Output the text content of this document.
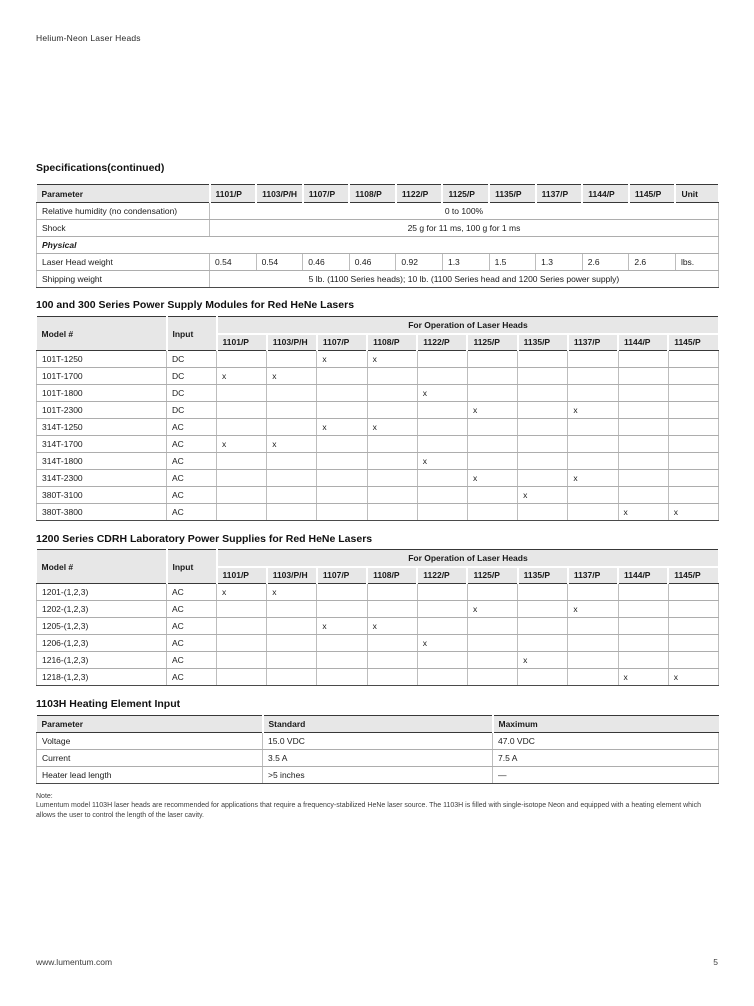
Helium-Neon Laser Heads
Specifications(continued)
Parameter	1101/P	1103/P/H	1107/P	1108/P	1122/P	1125/P	1135/P	1137/P	1144/P	1145/P	Unit
Relative humidity (no condensation)	0 to 100%										
Shock	25 g for 11 ms, 100 g for 1 ms										
Physical											
Laser Head weight	0.54	0.54	0.46	0.46	0.92	1.3	1.5	1.3	2.6	2.6	lbs.
Shipping weight	5 lb. (1100 Series heads); 10 lb. (1100 Series head and 1200 Series power supply)										
100 and 300 Series Power Supply Modules for Red HeNe Lasers
Model #	Input	For Operation of Laser Heads									
		1101/P	1103/P/H	1107/P	1108/P	1122/P	1125/P	1135/P	1137/P	1144/P	1145/P
101T-1250	DC			x	x						
101T-1700	DC	x	x								
101T-1800	DC					x					
101T-2300	DC						x		x		
314T-1250	AC			x	x						
314T-1700	AC	x	x								
314T-1800	AC					x					
314T-2300	AC						x		x		
380T-3100	AC							x			
380T-3800	AC									x	x
1200 Series CDRH Laboratory Power Supplies for Red HeNe Lasers
Model #	Input	For Operation of Laser Heads									
		1101/P	1103/P/H	1107/P	1108/P	1122/P	1125/P	1135/P	1137/P	1144/P	1145/P
1201-(1,2,3)	AC	x	x								
1202-(1,2,3)	AC						x		x		
1205-(1,2,3)	AC			x	x						
1206-(1,2,3)	AC					x					
1216-(1,2,3)	AC							x			
1218-(1,2,3)	AC									x	x
1103H Heating Element Input
Parameter	Standard	Maximum
Voltage	15.0 VDC	47.0 VDC
Current	3.5 A	7.5 A
Heater lead length	>5 inches	—
Note:
Lumentum model 1103H laser heads are recommended for applications that require a frequency-stabilized HeNe laser source. The 1103H is filled with single-isotope Neon and equipped with a heating element which allows the user to control the length of the laser cavity.
www.lumentum.com	5
